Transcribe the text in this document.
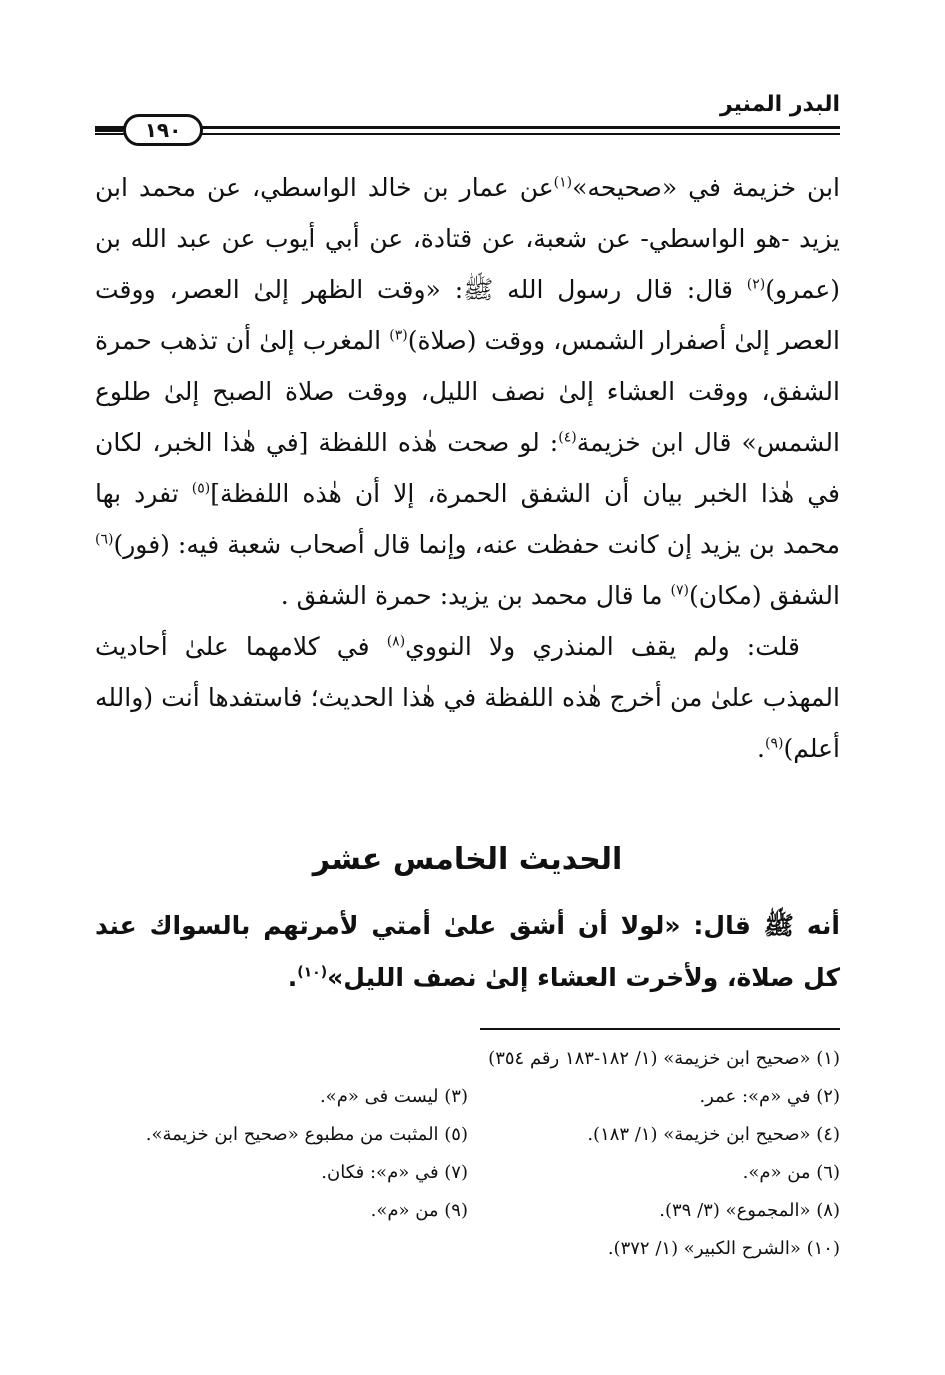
البدر المنير
١٩٠

ابن خزيمة في «صحيحه»$^{(١)}$عن عمار بن خالد الواسطي، عن محمد ابن يزيد -هو الواسطي- عن شعبة، عن قتادة، عن أبي أيوب عن عبد الله بن (عمرو)$^{(٢)}$ قال: قال رسول الله ﷺ: «وقت الظهر إلىٰ العصر، ووقت العصر إلىٰ أصفرار الشمس، ووقت (صلاة)$^{(٣)}$ المغرب إلىٰ أن تذهب حمرة الشفق، ووقت العشاء إلىٰ نصف الليل، ووقت صلاة الصبح إلىٰ طلوع الشمس» قال ابن خزيمة$^{(٤)}$: لو صحت هٰذه اللفظة [في هٰذا الخبر، لكان في هٰذا الخبر بيان أن الشفق الحمرة، إلا أن هٰذه اللفظة]$^{(٥)}$ تفرد بها محمد بن يزيد إن كانت حفظت عنه، وإنما قال أصحاب شعبة فيه: (فور)$^{(٦)}$ الشفق (مكان)$^{(٧)}$ ما قال محمد بن يزيد: حمرة الشفق .

قلت: ولم يقف المنذري ولا النووي$^{(٨)}$ في كلامهما علىٰ أحاديث المهذب علىٰ من أخرج هٰذه اللفظة في هٰذا الحديث؛ فاستفدها أنت (والله أعلم)$^{(٩)}$.

الحديث الخامس عشر
أنه ﷺ قال: «لولا أن أشق علىٰ أمتي لأمرتهم بالسواك عند كل صلاة، ولأخرت العشاء إلىٰ نصف الليل»$^{(١٠)}$.
(١) «صحيح ابن خزيمة» (١/ ١٨٢-١٨٣ رقم ٣٥٤)
(٢) في «م»: عمر.
(٣) ليست فى «م».
(٤) «صحيح ابن خزيمة» (١/ ١٨٣).
(٥) المثبت من مطبوع «صحيح ابن خزيمة».
(٦) من «م».
(٧) في «م»: فكان.
(٨) «المجموع» (٣/ ٣٩).
(٩) من «م».
(١٠) «الشرح الكبير» (١/ ٣٧٢).
